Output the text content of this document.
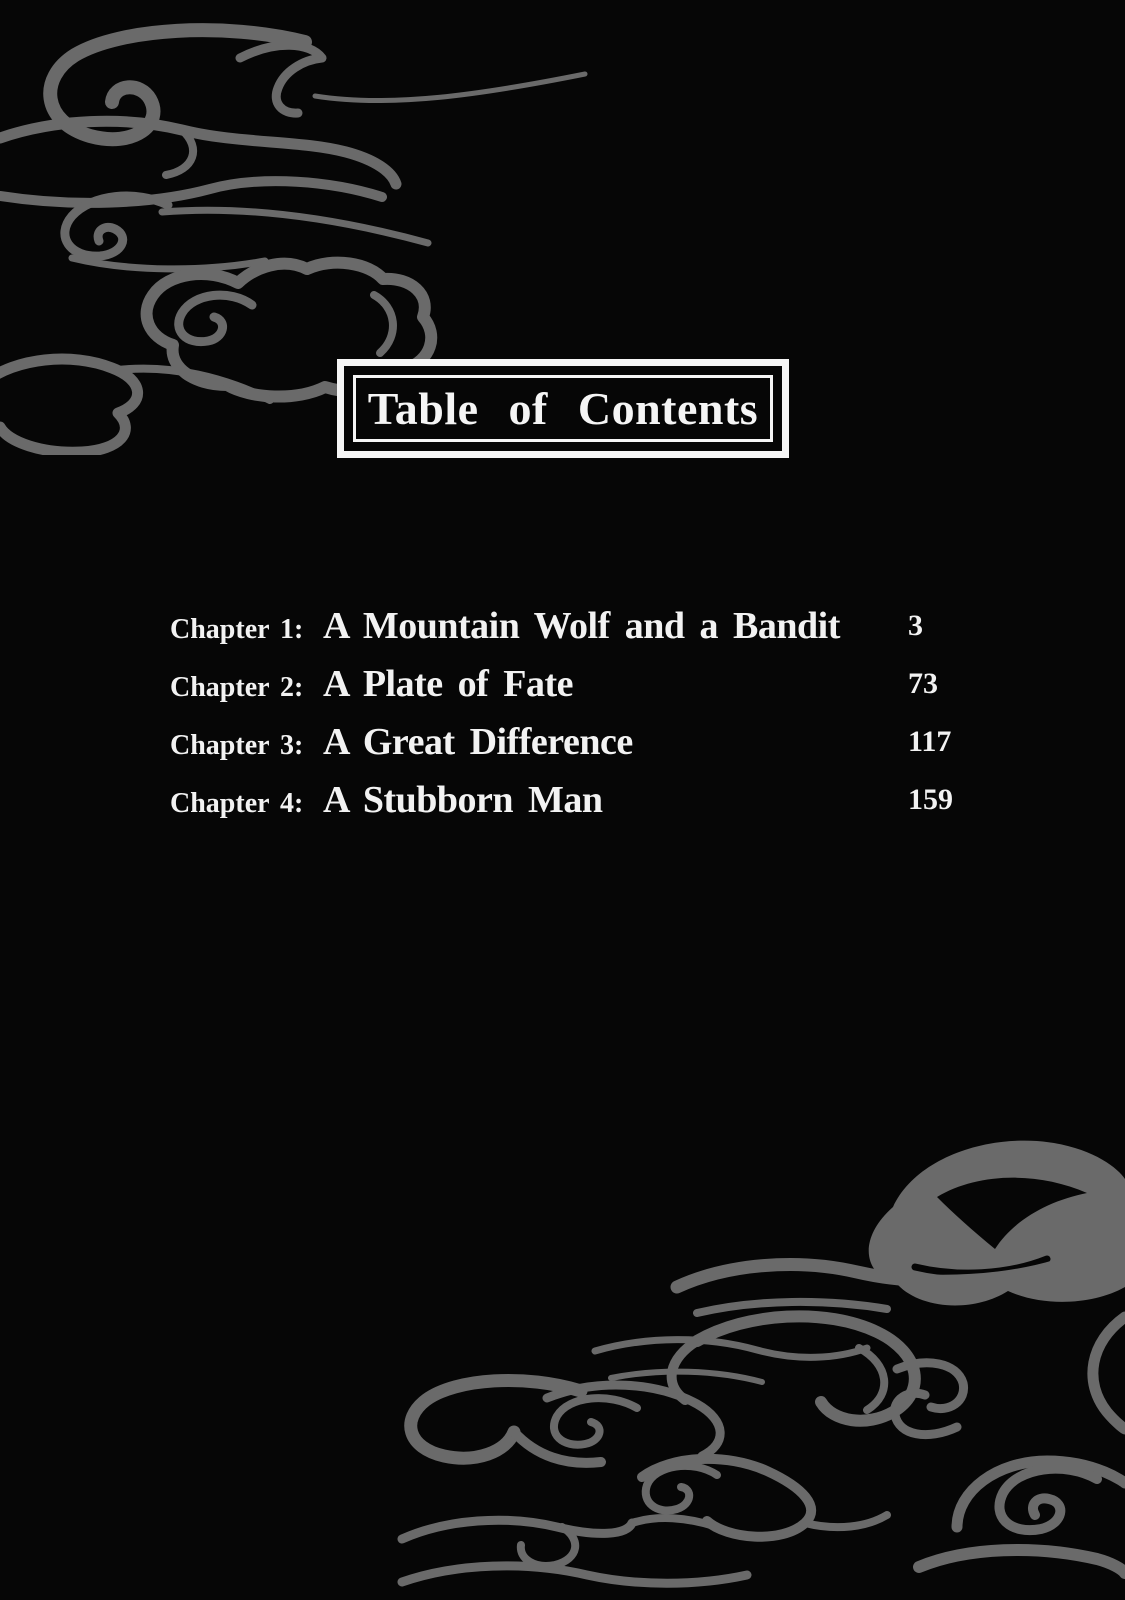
Table of Contents
Chapter 1: A Mountain Wolf and a Bandit 3
Chapter 2: A Plate of Fate	73
Chapter 3: A Great Difference	117
Chapter 4: A Stubborn Man	159
